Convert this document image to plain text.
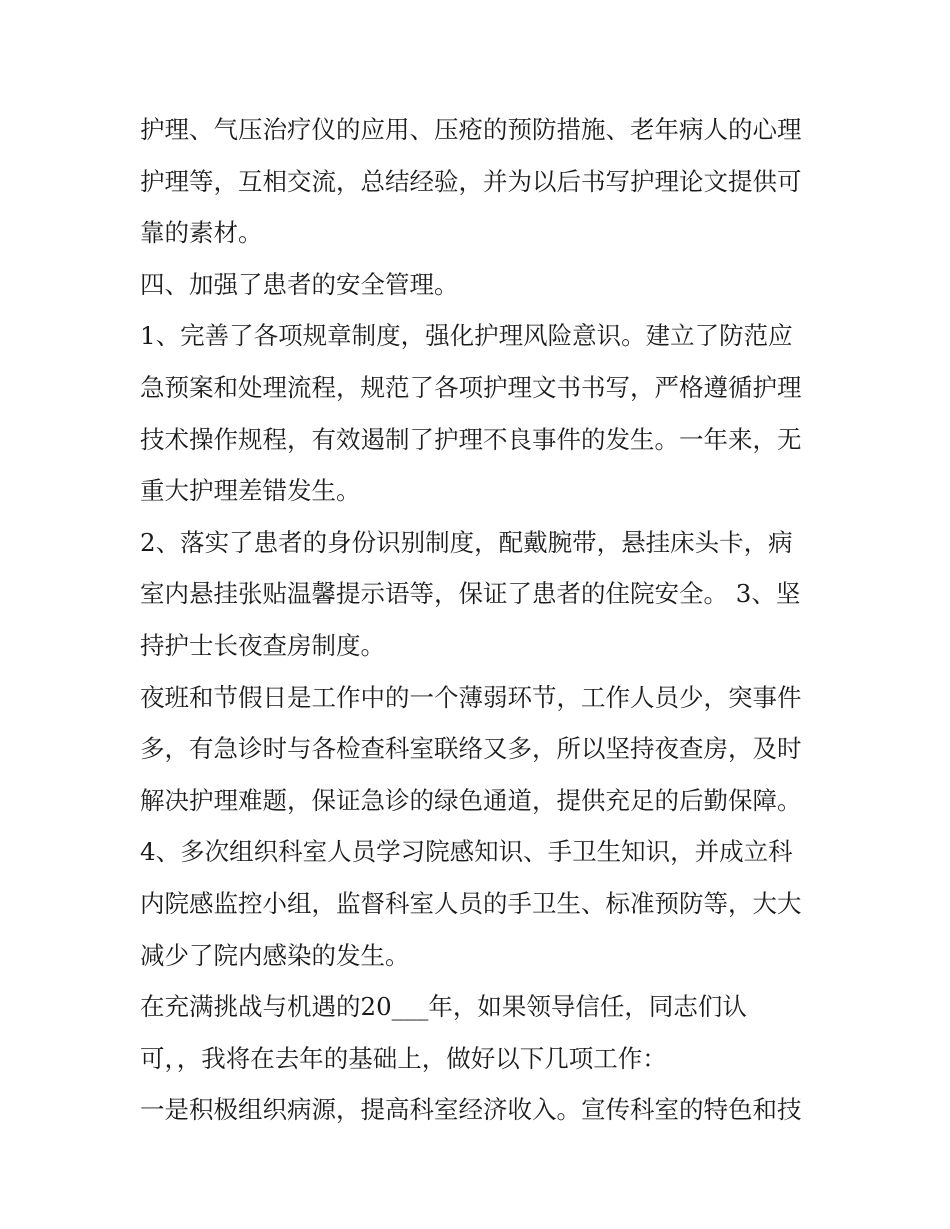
护理、气压治疗仪的应用、压疮的预防措施、老年病人的心理
护理等，互相交流，总结经验，并为以后书写护理论文提供可
靠的素材。
四、加强了患者的安全管理。
1、完善了各项规章制度，强化护理风险意识。建立了防范应
急预案和处理流程，规范了各项护理文书书写，严格遵循护理
技术操作规程，有效遏制了护理不良事件的发生。一年来，无
重大护理差错发生。
2、落实了患者的身份识别制度，配戴腕带，悬挂床头卡，病
室内悬挂张贴温馨提示语等，保证了患者的住院安全。 3、坚
持护士长夜查房制度。
夜班和节假日是工作中的一个薄弱环节，工作人员少，突事件
多，有急诊时与各检查科室联络又多，所以坚持夜查房，及时
解决护理难题，保证急诊的绿色通道，提供充足的后勤保障。
4、多次组织科室人员学习院感知识、手卫生知识，并成立科
内院感监控小组，监督科室人员的手卫生、标准预防等，大大
减少了院内感染的发生。
在充满挑战与机遇的20___年，如果领导信任，同志们认
可，，我将在去年的基础上，做好以下几项工作：
一是积极组织病源，提高科室经济收入。宣传科室的特色和技
